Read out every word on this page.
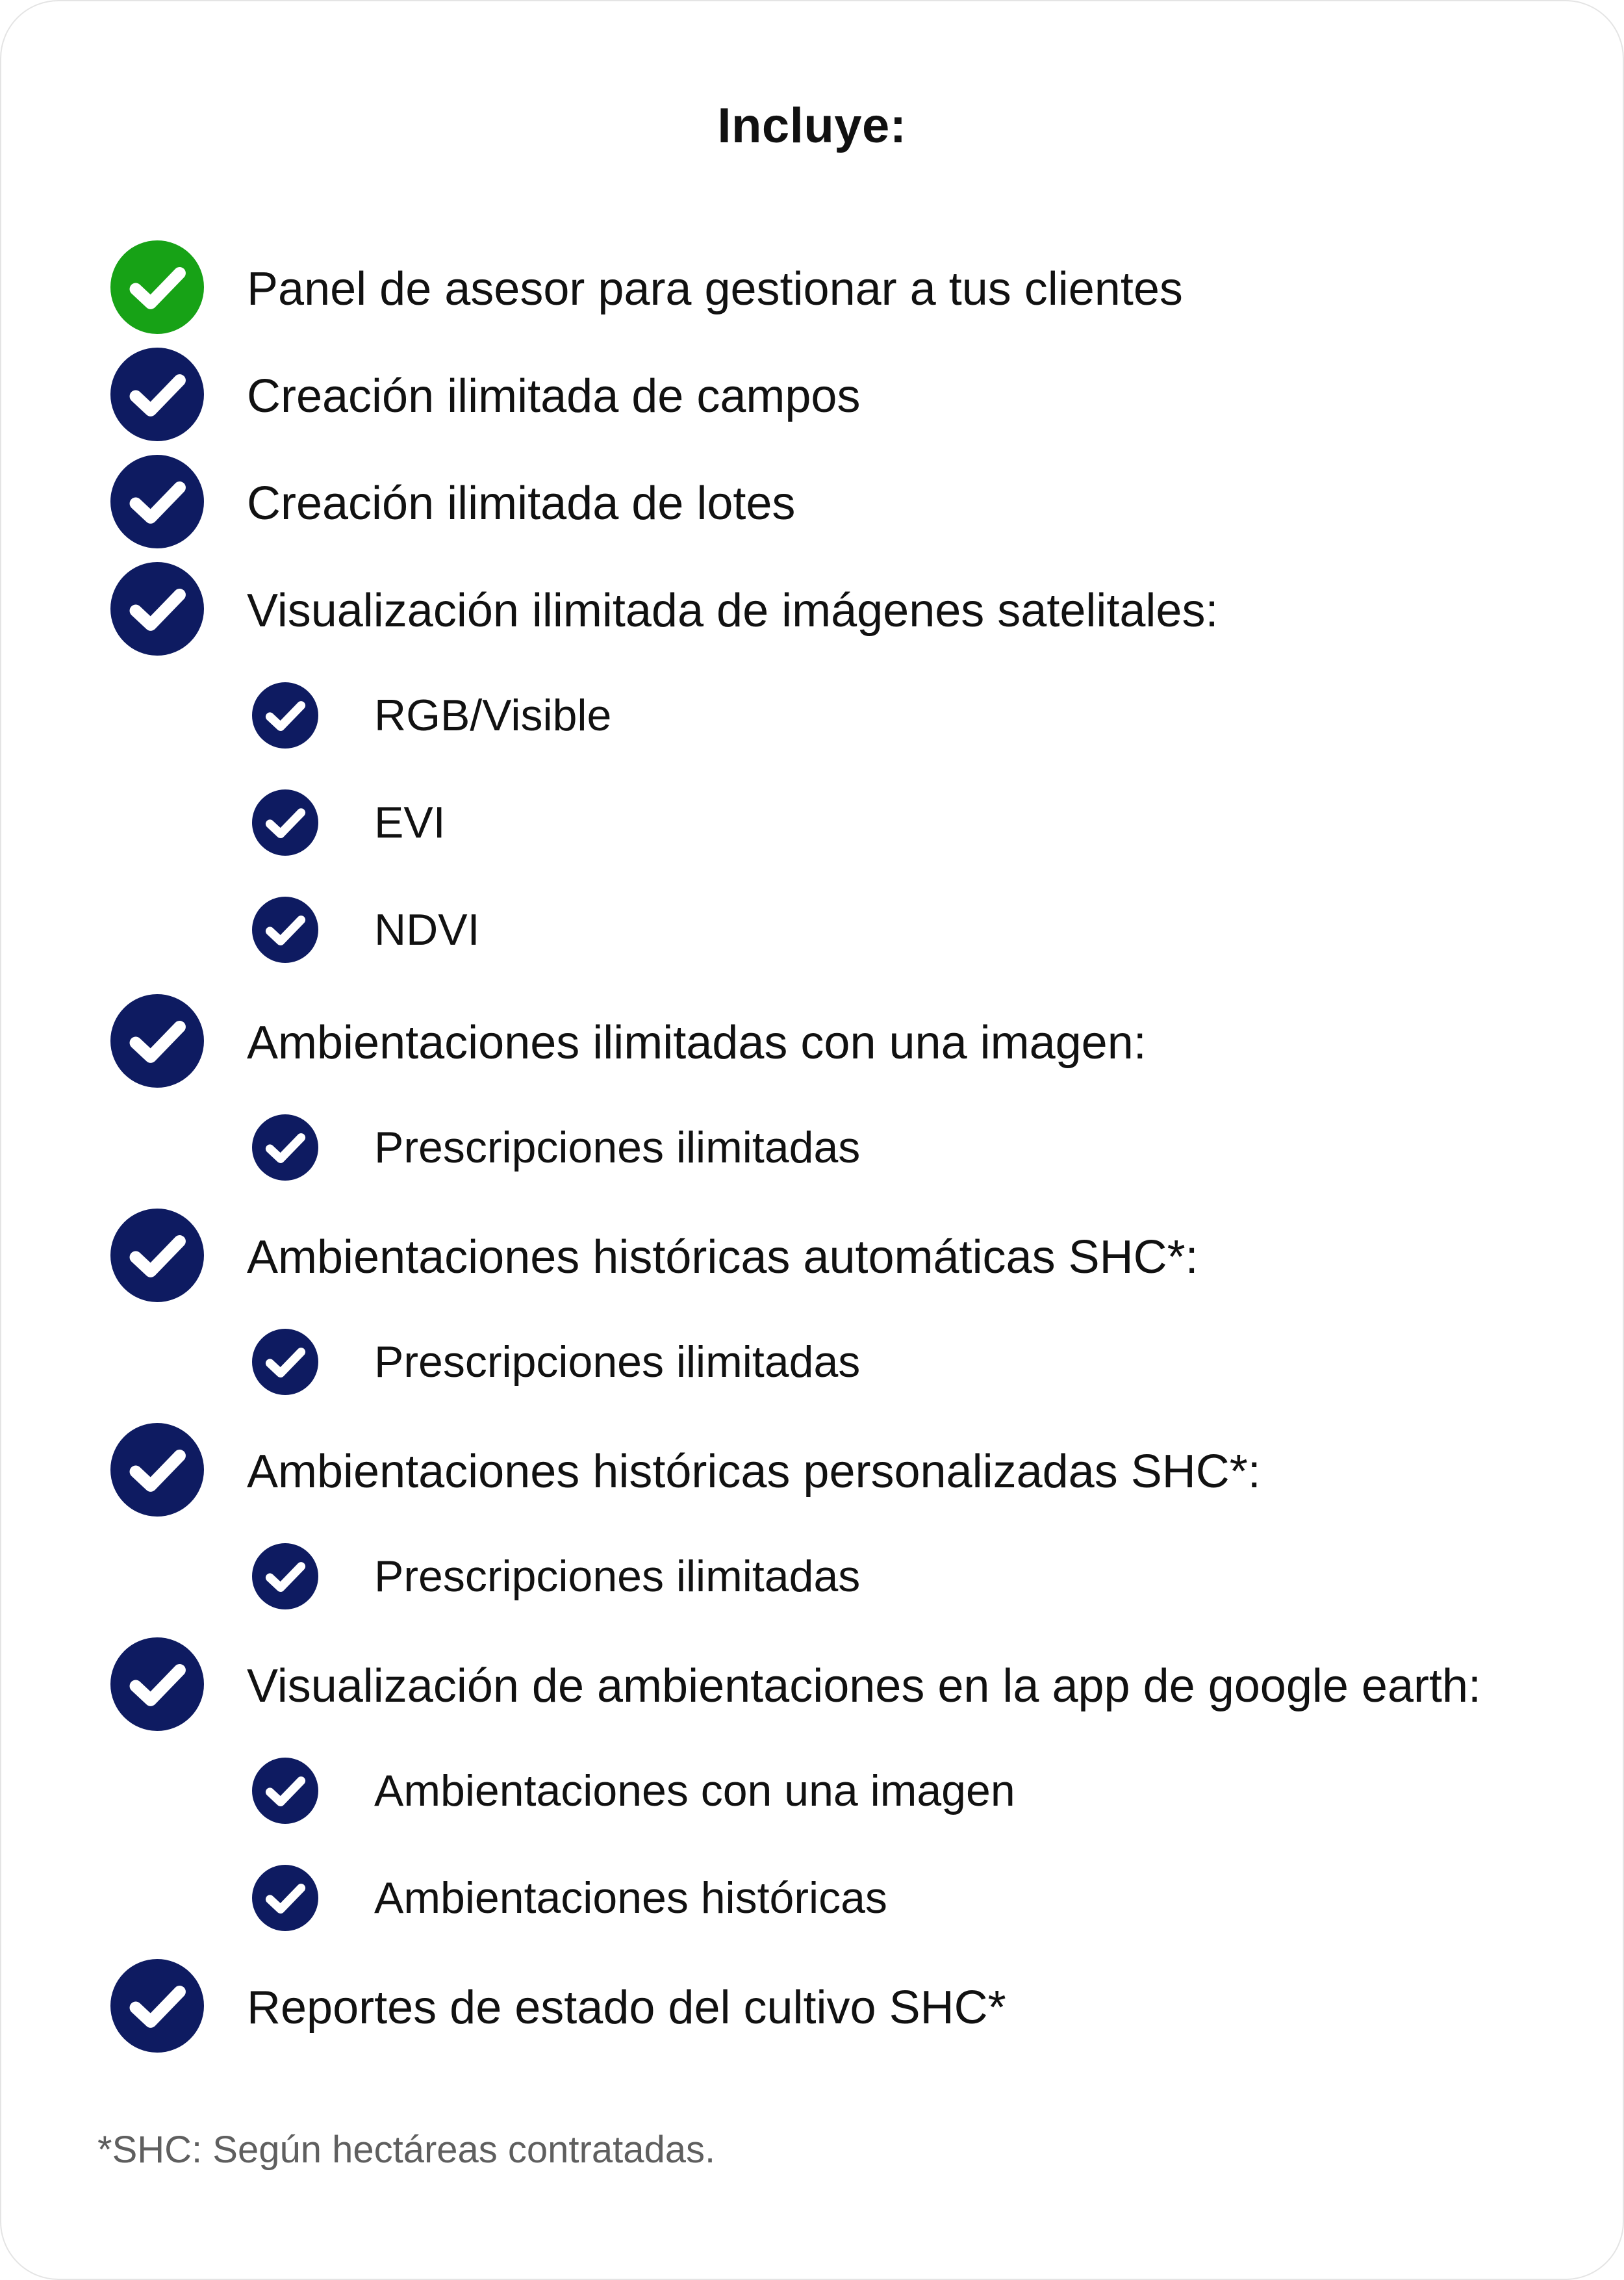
Incluye:
Panel de asesor para gestionar a tus clientes
Creación ilimitada de campos
Creación ilimitada de lotes
Visualización ilimitada de imágenes satelitales:
RGB/Visible
EVI
NDVI
Ambientaciones ilimitadas con una imagen:
Prescripciones ilimitadas
Ambientaciones históricas automáticas SHC*:
Prescripciones ilimitadas
Ambientaciones históricas personalizadas SHC*:
Prescripciones ilimitadas
Visualización de ambientaciones en la app de google earth:
Ambientaciones con una imagen
Ambientaciones históricas
Reportes de estado del cultivo SHC*
*SHC: Según hectáreas contratadas.
